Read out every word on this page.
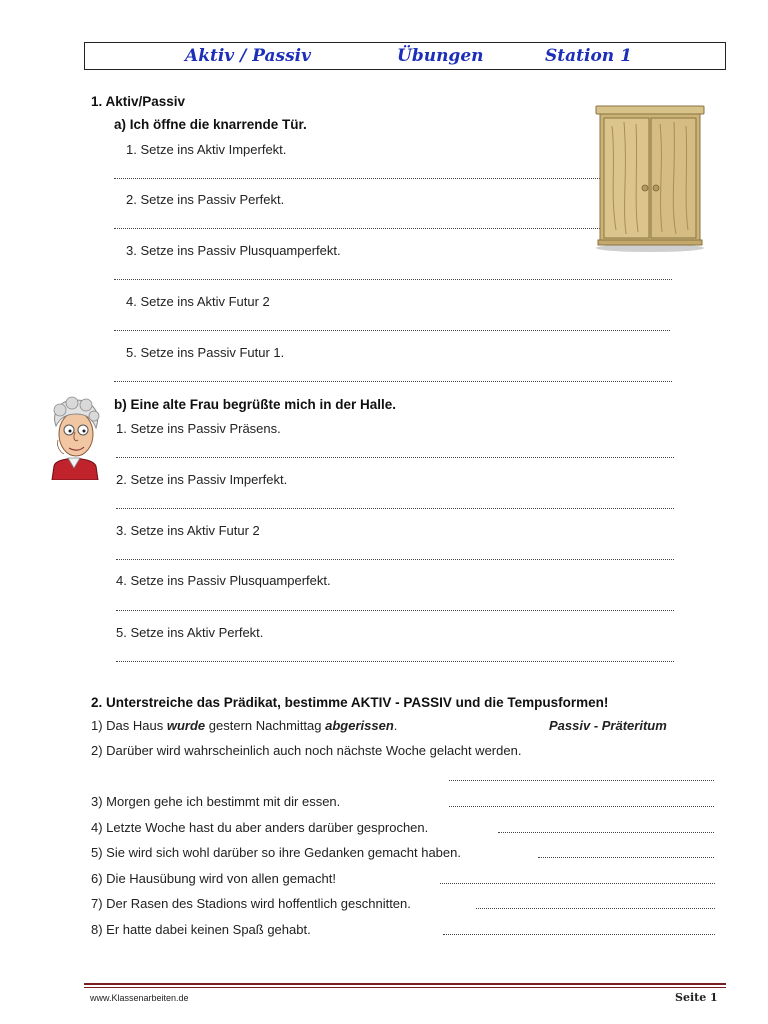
Aktiv / Passiv	Übungen	Station 1
1. Aktiv/Passiv
a) Ich öffne die knarrende Tür.
1. Setze ins Aktiv Imperfekt.
2. Setze ins Passiv Perfekt.
3. Setze ins Passiv Plusquamperfekt.
4. Setze ins Aktiv Futur 2
5. Setze ins Passiv Futur 1.
b) Eine alte Frau begrüßte mich in der Halle.
1. Setze ins Passiv Präsens.
2. Setze ins Passiv Imperfekt.
3. Setze ins Aktiv Futur 2
4. Setze ins Passiv Plusquamperfekt.
5. Setze ins Aktiv Perfekt.
2. Unterstreiche das Prädikat, bestimme AKTIV - PASSIV und die Tempusformen!
1) Das Haus wurde gestern Nachmittag abgerissen.	Passiv - Präteritum
2) Darüber wird wahrscheinlich auch noch nächste Woche gelacht werden.
3) Morgen gehe ich bestimmt mit dir essen.
4) Letzte Woche hast du aber anders darüber gesprochen.
5) Sie wird sich wohl darüber so ihre Gedanken gemacht haben.
6) Die Hausübung wird von allen gemacht!
7) Der Rasen des Stadions wird hoffentlich geschnitten.
8) Er hatte dabei keinen Spaß gehabt.
www.Klassenarbeiten.de	Seite 1
